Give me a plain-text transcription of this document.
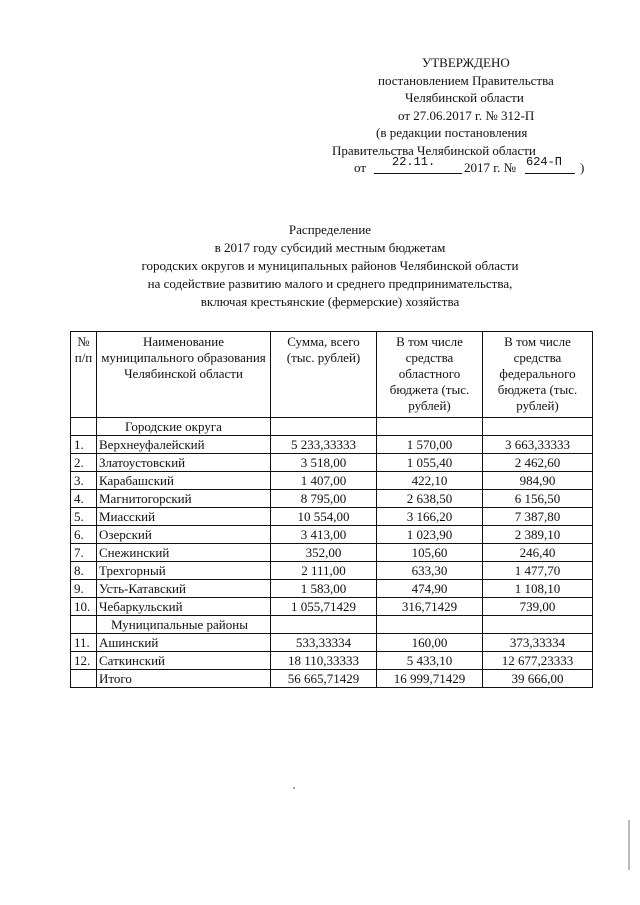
УТВЕРЖДЕНО
постановлением Правительства
Челябинской области
от 27.06.2017 г. № 312-П
(в редакции постановления
Правительства Челябинской области
от 22.11. 2017 г. № 624-П )
Распределение
в 2017 году субсидий местным бюджетам
городских округов и муниципальных районов Челябинской области
на содействие развитию малого и среднего предпринимательства,
включая крестьянские (фермерские) хозяйства
№ п/п	Наименование муниципального образования Челябинской области	Сумма, всего (тыс. рублей)	В том числе средства областного бюджета (тыс. рублей)	В том числе средства федерального бюджета (тыс. рублей)
	Городские округа			
1.	Верхнеуфалейский	5 233,33333	1 570,00	3 663,33333
2.	Златоустовский	3 518,00	1 055,40	2 462,60
3.	Карабашский	1 407,00	422,10	984,90
4.	Магнитогорский	8 795,00	2 638,50	6 156,50
5.	Миасский	10 554,00	3 166,20	7 387,80
6.	Озерский	3 413,00	1 023,90	2 389,10
7.	Снежинский	352,00	105,60	246,40
8.	Трехгорный	2 111,00	633,30	1 477,70
9.	Усть-Катавский	1 583,00	474,90	1 108,10
10.	Чебаркульский	1 055,71429	316,71429	739,00
	Муниципальные районы			
11.	Ашинский	533,33334	160,00	373,33334
12.	Саткинский	18 110,33333	5 433,10	12 677,23333
	Итого	56 665,71429	16 999,71429	39 666,00
